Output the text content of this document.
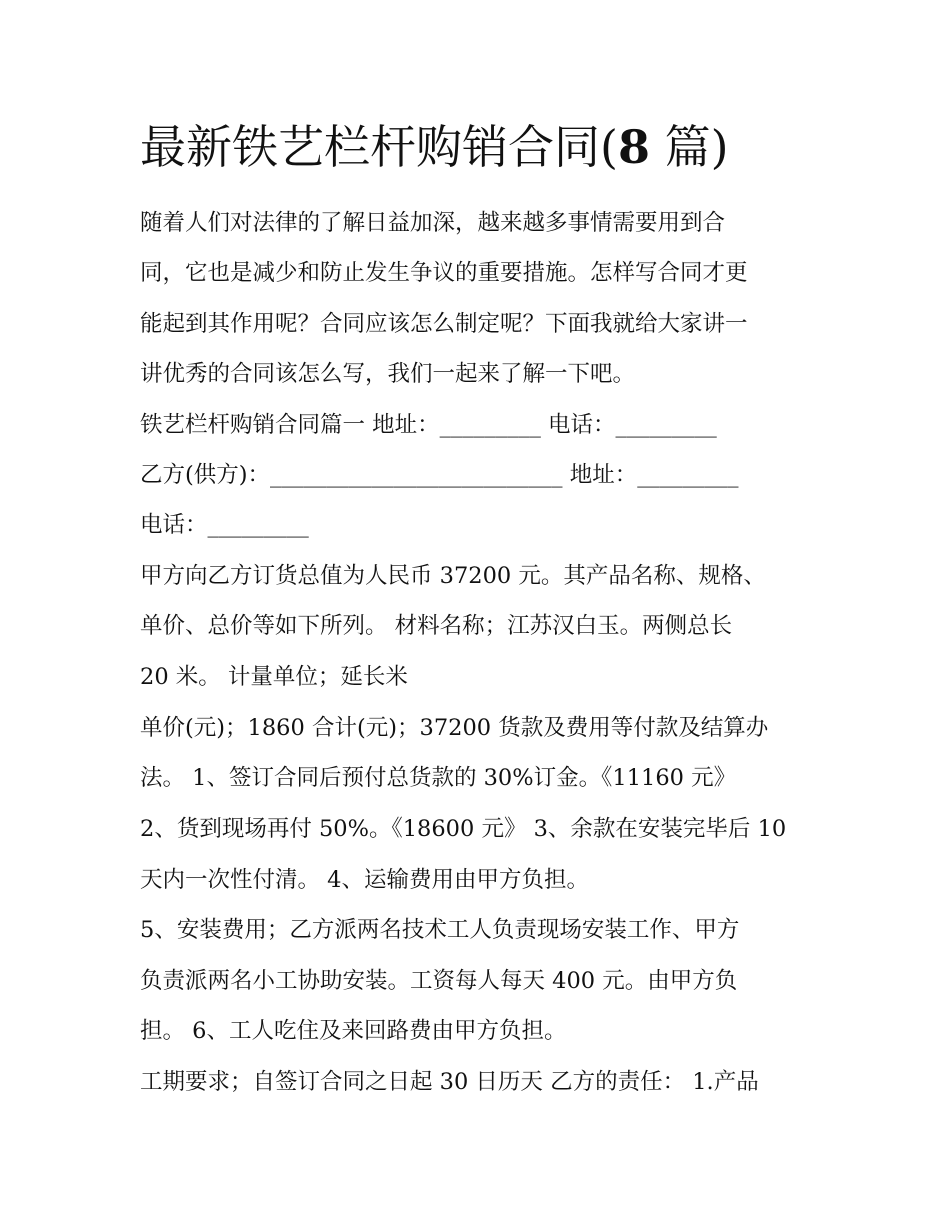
最新铁艺栏杆购销合同(8 篇)
随着人们对法律的了解日益加深，越来越多事情需要用到合
同，它也是减少和防止发生争议的重要措施。怎样写合同才更
能起到其作用呢？合同应该怎么制定呢？下面我就给大家讲一
讲优秀的合同该怎么写，我们一起来了解一下吧。
铁艺栏杆购销合同篇一 地址：_________ 电话：_________
乙方(供方)：__________________________ 地址：_________
电话：_________
甲方向乙方订货总值为人民币 37200 元。其产品名称、规格、
单价、总价等如下所列。 材料名称；江苏汉白玉。两侧总长
20 米。 计量单位；延长米
单价(元)；1860 合计(元)；37200 货款及费用等付款及结算办
法。 1、签订合同后预付总货款的 30%订金。《11160 元》
2、货到现场再付 50%。《18600 元》 3、余款在安装完毕后 10
天内一次性付清。 4、运输费用由甲方负担。
5、安装费用；乙方派两名技术工人负责现场安装工作、甲方
负责派两名小工协助安装。工资每人每天 400 元。由甲方负
担。 6、工人吃住及来回路费由甲方负担。
工期要求；自签订合同之日起 30 日历天 乙方的责任： 1.产品
